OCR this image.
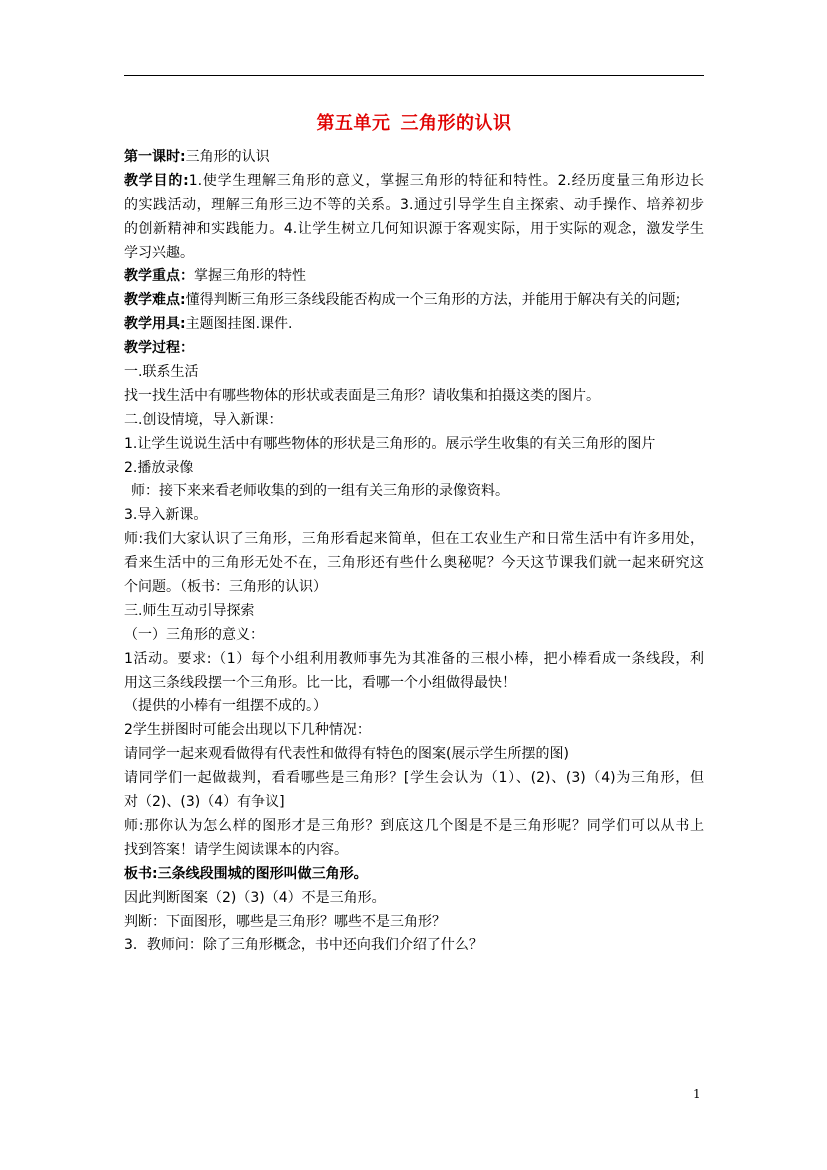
第五单元 三角形的认识
第一课时:三角形的认识
教学目的:1.使学生理解三角形的意义，掌握三角形的特征和特性。2.经历度量三角形边长
的实践活动，理解三角形三边不等的关系。3.通过引导学生自主探索、动手操作、培养初步
的创新精神和实践能力。4.让学生树立几何知识源于客观实际，用于实际的观念，激发学生
学习兴趣。
教学重点：掌握三角形的特性
教学难点:懂得判断三角形三条线段能否构成一个三角形的方法，并能用于解决有关的问题;
教学用具:主题图挂图.课件.
教学过程：
一.联系生活
找一找生活中有哪些物体的形状或表面是三角形？请收集和拍摄这类的图片。
二.创设情境，导入新课：
1.让学生说说生活中有哪些物体的形状是三角形的。展示学生收集的有关三角形的图片
2.播放录像
师：接下来来看老师收集的到的一组有关三角形的录像资料。
3.导入新课。
师:我们大家认识了三角形，三角形看起来简单，但在工农业生产和日常生活中有许多用处，
看来生活中的三角形无处不在，三角形还有些什么奥秘呢？今天这节课我们就一起来研究这
个问题。（板书：三角形的认识）
三.师生互动引导探索
（一）三角形的意义：
1活动。要求:（1）每个小组利用教师事先为其准备的三根小棒，把小棒看成一条线段，利
用这三条线段摆一个三角形。比一比，看哪一个小组做得最快！
（提供的小棒有一组摆不成的。）
2学生拼图时可能会出现以下几种情况：
请同学一起来观看做得有代表性和做得有特色的图案(展示学生所摆的图)
请同学们一起做裁判，看看哪些是三角形？[学生会认为（1）、(2)、(3)（4)为三角形，但
对（2)、(3)（4）有争议]
师:那你认为怎么样的图形才是三角形？到底这几个图是不是三角形呢？同学们可以从书上
找到答案！请学生阅读课本的内容。
板书:三条线段围城的图形叫做三角形。
因此判断图案（2)（3)（4）不是三角形。
判断：下面图形，哪些是三角形？哪些不是三角形？
3．教师问：除了三角形概念，书中还向我们介绍了什么？
1
